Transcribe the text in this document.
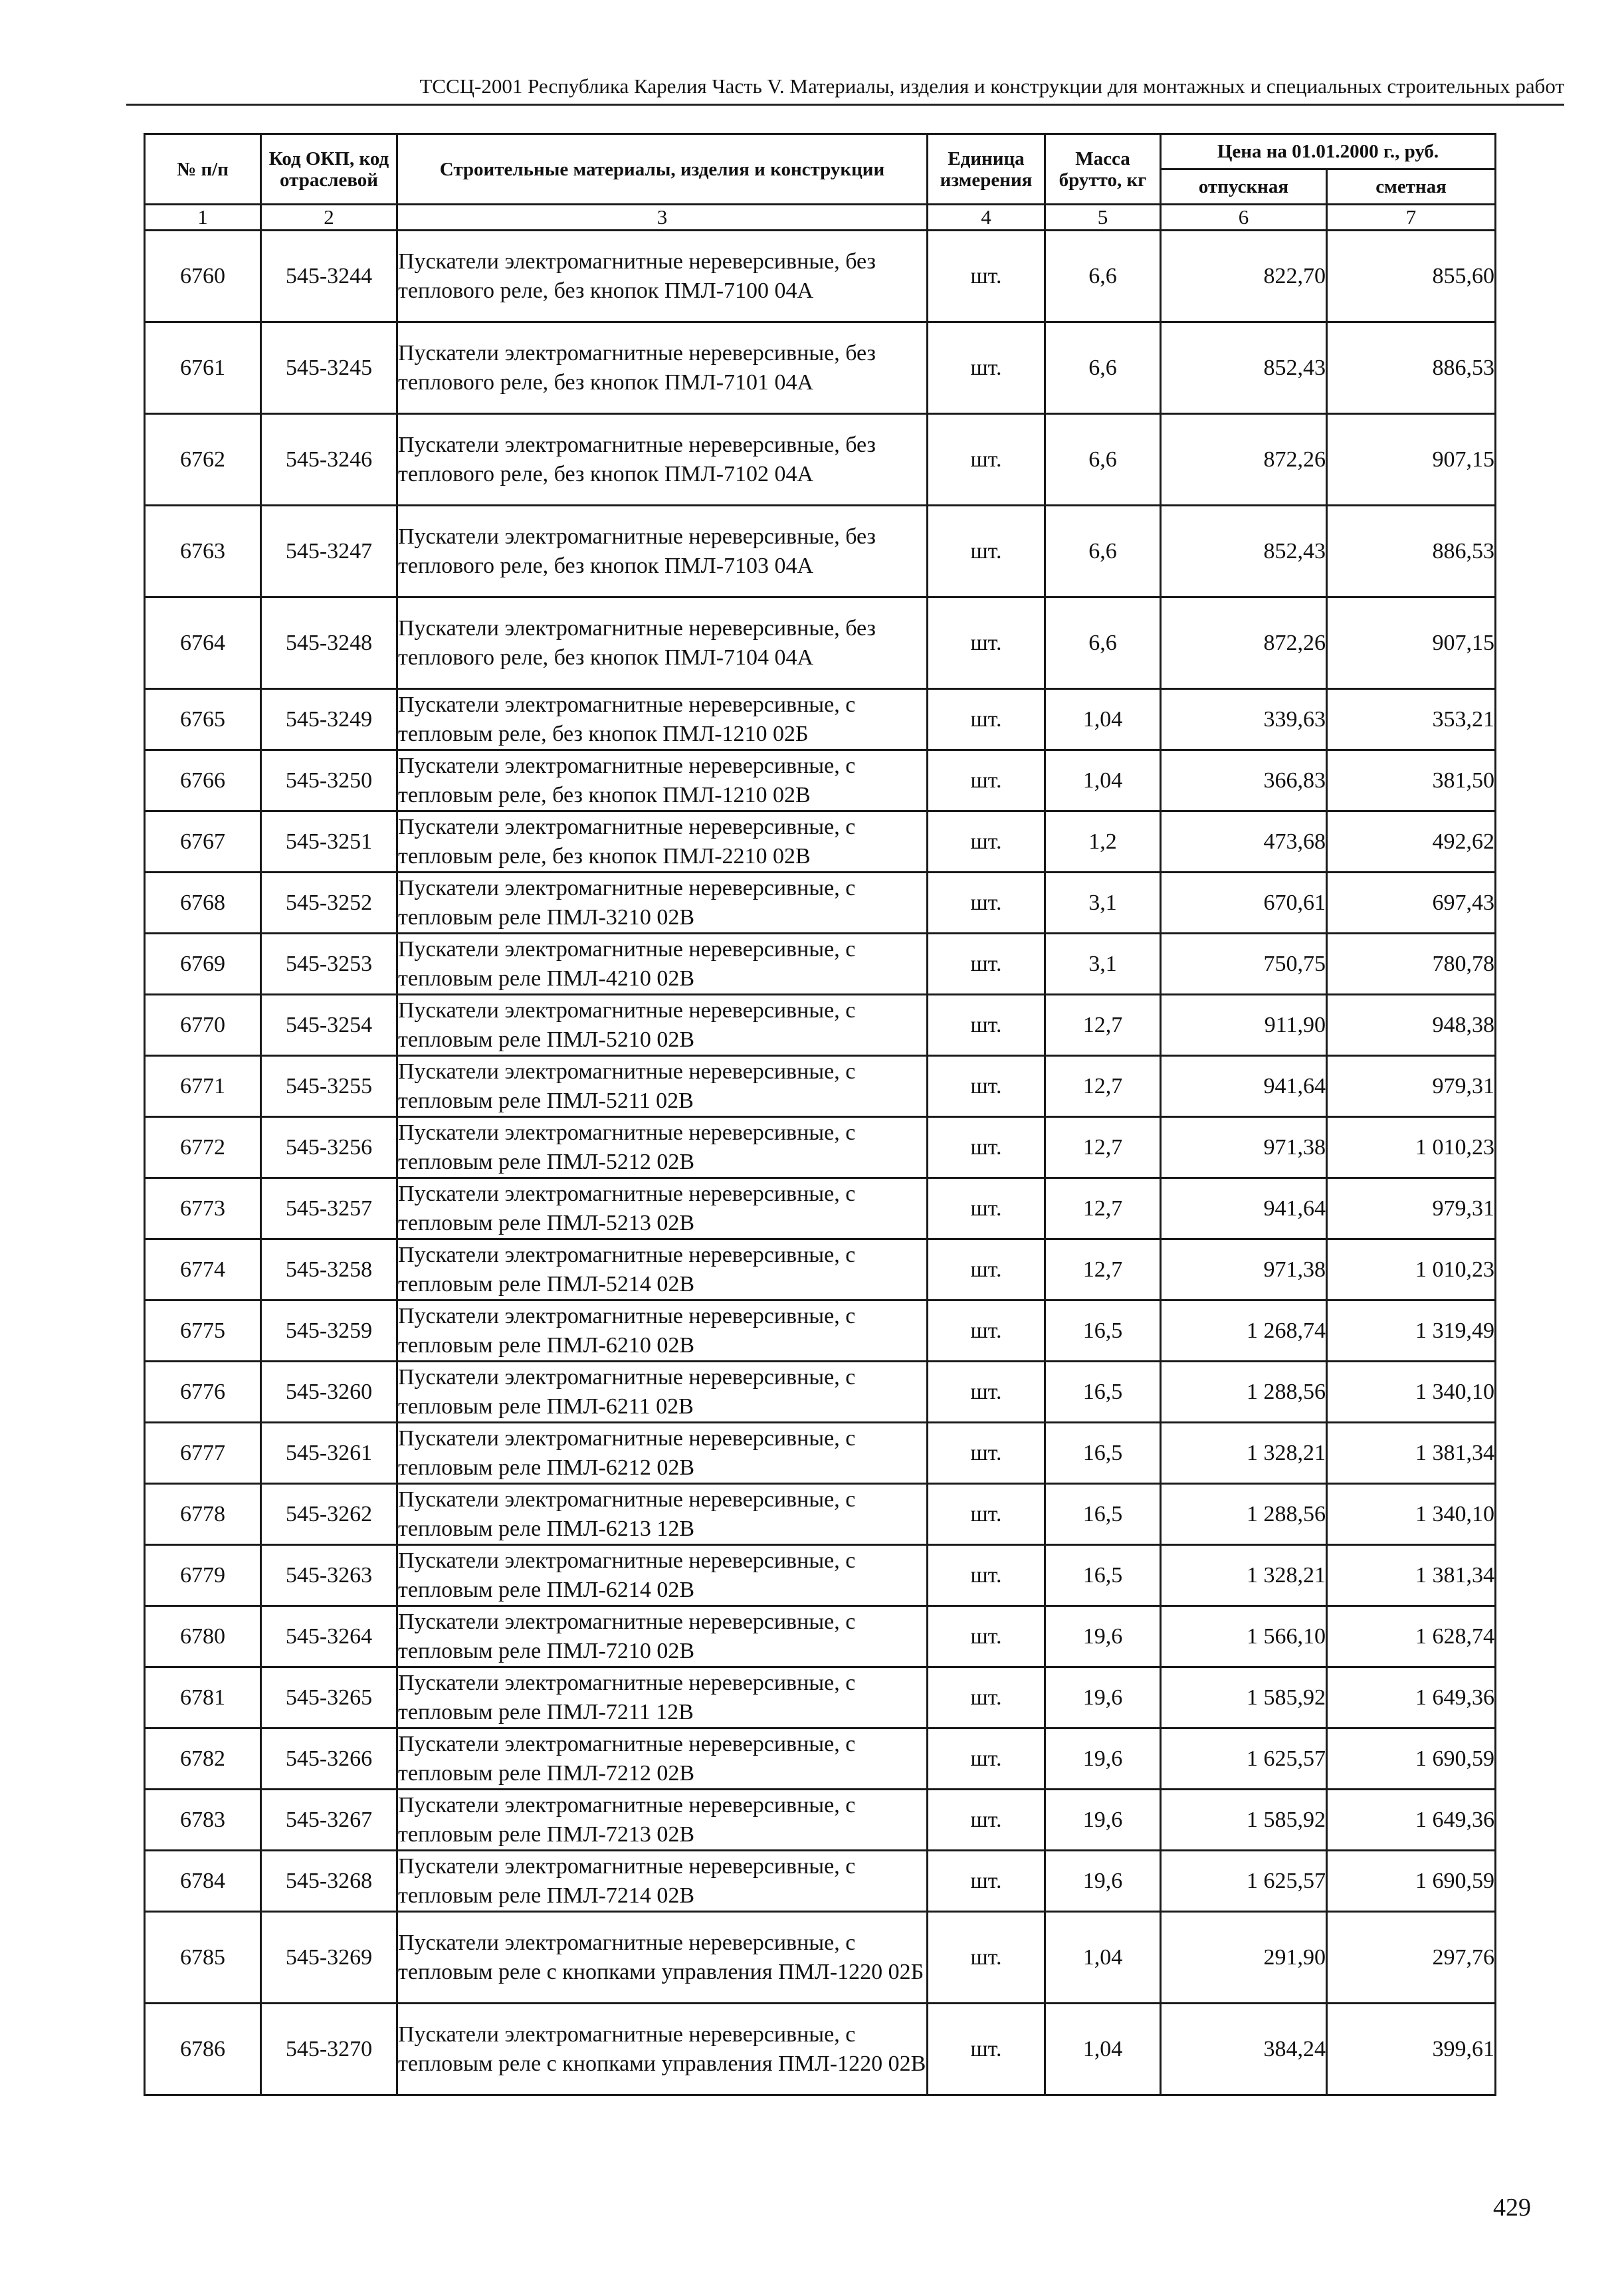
ТССЦ-2001 Республика Карелия Часть V. Материалы, изделия и конструкции для монтажных и специальных строительных работ
№ п/п	Код ОКП, код отраслевой	Строительные материалы, изделия и конструкции	Единица измерения	Масса брутто, кг	Цена на 01.01.2000 г., руб.	
					отпускная	сметная
1	2	3	4	5	6	7
6760	545-3244	Пускатели электромагнитные нереверсивные, без теплового реле, без кнопок ПМЛ-7100 04А	шт.	6,6	822,70	855,60
6761	545-3245	Пускатели электромагнитные нереверсивные, без теплового реле, без кнопок ПМЛ-7101 04А	шт.	6,6	852,43	886,53
6762	545-3246	Пускатели электромагнитные нереверсивные, без теплового реле, без кнопок ПМЛ-7102 04А	шт.	6,6	872,26	907,15
6763	545-3247	Пускатели электромагнитные нереверсивные, без теплового реле, без кнопок ПМЛ-7103 04А	шт.	6,6	852,43	886,53
6764	545-3248	Пускатели электромагнитные нереверсивные, без теплового реле, без кнопок ПМЛ-7104 04А	шт.	6,6	872,26	907,15
6765	545-3249	Пускатели электромагнитные нереверсивные, с тепловым реле, без кнопок ПМЛ-1210 02Б	шт.	1,04	339,63	353,21
6766	545-3250	Пускатели электромагнитные нереверсивные, с тепловым реле, без кнопок ПМЛ-1210 02В	шт.	1,04	366,83	381,50
6767	545-3251	Пускатели электромагнитные нереверсивные, с тепловым реле, без кнопок ПМЛ-2210 02В	шт.	1,2	473,68	492,62
6768	545-3252	Пускатели электромагнитные нереверсивные, с тепловым реле ПМЛ-3210 02В	шт.	3,1	670,61	697,43
6769	545-3253	Пускатели электромагнитные нереверсивные, с тепловым реле ПМЛ-4210 02В	шт.	3,1	750,75	780,78
6770	545-3254	Пускатели электромагнитные нереверсивные, с тепловым реле ПМЛ-5210 02В	шт.	12,7	911,90	948,38
6771	545-3255	Пускатели электромагнитные нереверсивные, с тепловым реле ПМЛ-5211 02В	шт.	12,7	941,64	979,31
6772	545-3256	Пускатели электромагнитные нереверсивные, с тепловым реле ПМЛ-5212 02В	шт.	12,7	971,38	1 010,23
6773	545-3257	Пускатели электромагнитные нереверсивные, с тепловым реле ПМЛ-5213 02В	шт.	12,7	941,64	979,31
6774	545-3258	Пускатели электромагнитные нереверсивные, с тепловым реле ПМЛ-5214 02В	шт.	12,7	971,38	1 010,23
6775	545-3259	Пускатели электромагнитные нереверсивные, с тепловым реле ПМЛ-6210 02В	шт.	16,5	1 268,74	1 319,49
6776	545-3260	Пускатели электромагнитные нереверсивные, с тепловым реле ПМЛ-6211 02В	шт.	16,5	1 288,56	1 340,10
6777	545-3261	Пускатели электромагнитные нереверсивные, с тепловым реле ПМЛ-6212 02В	шт.	16,5	1 328,21	1 381,34
6778	545-3262	Пускатели электромагнитные нереверсивные, с тепловым реле ПМЛ-6213 12В	шт.	16,5	1 288,56	1 340,10
6779	545-3263	Пускатели электромагнитные нереверсивные, с тепловым реле ПМЛ-6214 02В	шт.	16,5	1 328,21	1 381,34
6780	545-3264	Пускатели электромагнитные нереверсивные, с тепловым реле ПМЛ-7210 02В	шт.	19,6	1 566,10	1 628,74
6781	545-3265	Пускатели электромагнитные нереверсивные, с тепловым реле ПМЛ-7211 12В	шт.	19,6	1 585,92	1 649,36
6782	545-3266	Пускатели электромагнитные нереверсивные, с тепловым реле ПМЛ-7212 02В	шт.	19,6	1 625,57	1 690,59
6783	545-3267	Пускатели электромагнитные нереверсивные, с тепловым реле ПМЛ-7213 02В	шт.	19,6	1 585,92	1 649,36
6784	545-3268	Пускатели электромагнитные нереверсивные, с тепловым реле ПМЛ-7214 02В	шт.	19,6	1 625,57	1 690,59
6785	545-3269	Пускатели электромагнитные нереверсивные, с тепловым реле с кнопками управления ПМЛ-1220 02Б	шт.	1,04	291,90	297,76
6786	545-3270	Пускатели электромагнитные нереверсивные, с тепловым реле с кнопками управления ПМЛ-1220 02В	шт.	1,04	384,24	399,61
429
